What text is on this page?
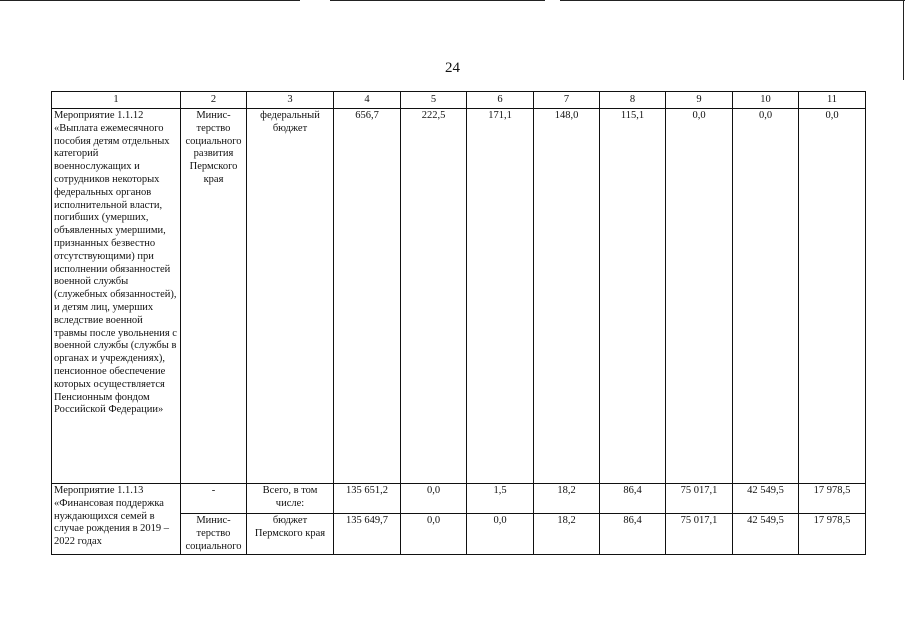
24
1	2	3	4	5	6	7	8	9	10	11
Мероприятие 1.1.12 «Выплата ежемесячного пособия детям отдельных категорий военнослужащих и сотрудников некоторых федеральных органов исполнительной власти, погибших (умерших, объявленных умершими, признанных безвестно отсутствующими) при исполнении обязанностей военной службы (служебных обязанностей), и детям лиц, умерших вследствие военной травмы после увольнения с военной службы (службы в органах и учреждениях), пенсионное обеспечение которых осуществляется Пенсионным фондом Российской Федерации»	Минис-терство социального развития Пермского края	федеральный бюджет	656,7	222,5	171,1	148,0	115,1	0,0	0,0	0,0
Мероприятие 1.1.13 «Финансовая поддержка нуждающихся семей в случае рождения в 2019 – 2022 годах	-	Всего, в том числе:	135 651,2	0,0	1,5	18,2	86,4	75 017,1	42 549,5	17 978,5
	Минис-терство социального	бюджет Пермского края	135 649,7	0,0	0,0	18,2	86,4	75 017,1	42 549,5	17 978,5
